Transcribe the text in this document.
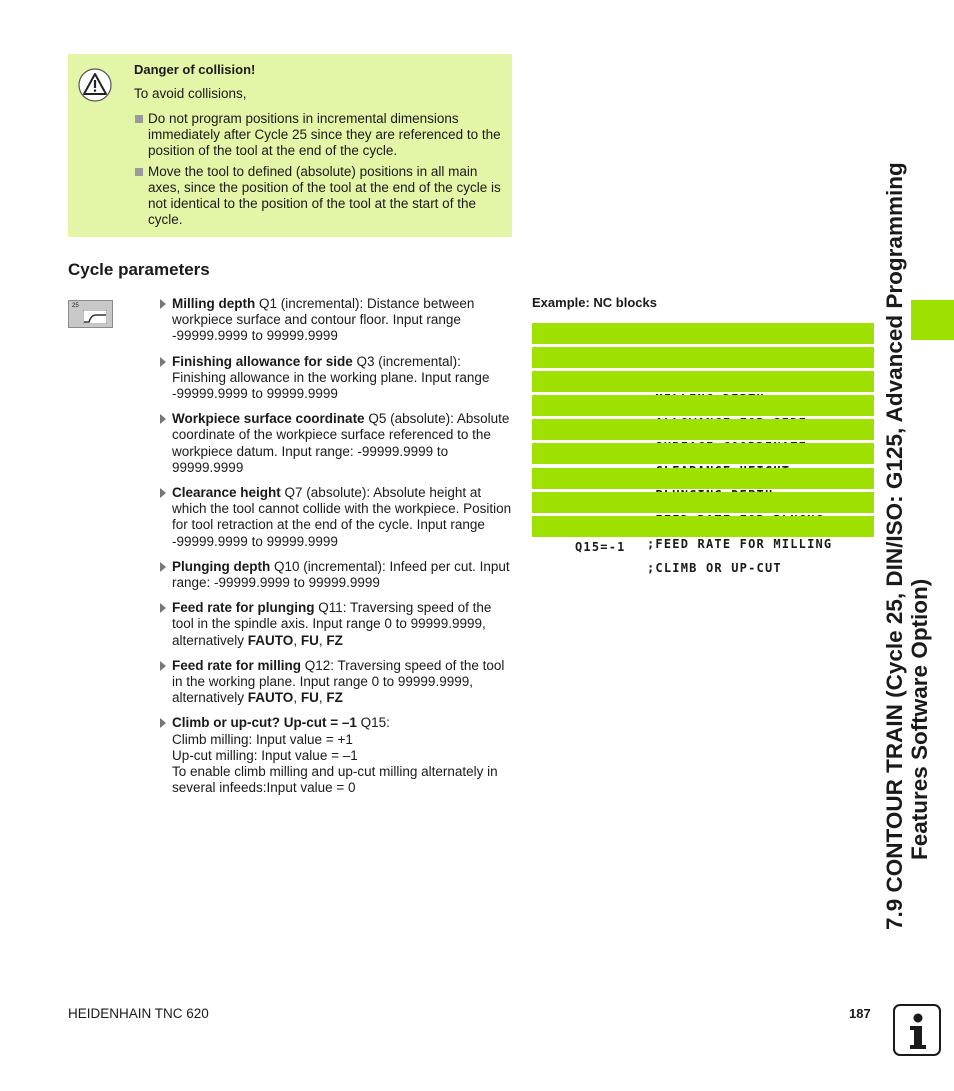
Danger of collision!
To avoid collisions,
Do not program positions in incremental dimensions immediately after Cycle 25 since they are referenced to the position of the tool at the end of the cycle.
Move the tool to defined (absolute) positions in all main axes, since the position of the tool at the end of the cycle is not identical to the position of the tool at the start of the cycle.
Cycle parameters
25	Milling depth Q1 (incremental): Distance between workpiece surface and contour floor. Input range -99999.9999 to 99999.9999
Finishing allowance for side Q3 (incremental): Finishing allowance in the working plane. Input range -99999.9999 to 99999.9999
Workpiece surface coordinate Q5 (absolute): Absolute coordinate of the workpiece surface referenced to the workpiece datum. Input range: -99999.9999 to 99999.9999
Clearance height Q7 (absolute): Absolute height at which the tool cannot collide with the workpiece. Position for tool retraction at the end of the cycle. Input range -99999.9999 to 99999.9999
Plunging depth Q10 (incremental): Infeed per cut. Input range: -99999.9999 to 99999.9999
Feed rate for plunging Q11: Traversing speed of the tool in the spindle axis. Input range 0 to 99999.9999, alternatively FAUTO, FU, FZ
Feed rate for milling Q12: Traversing speed of the tool in the working plane. Input range 0 to 99999.9999, alternatively FAUTO, FU, FZ
Climb or up-cut? Up-cut = –1 Q15:
Climb milling: Input value = +1
Up-cut milling: Input value = –1
To enable climb milling and up-cut milling alternately in several infeeds:Input value = 0
Example: NC blocks

;FEED RATE FOR MILLING

Q15=-1

;CLIMB OR UP-CUT	7.9 CONTOUR TRAIN (Cycle 25, DIN/ISO: G125, Advanced Programming Features Software Option)
HEIDENHAIN TNC 620	187
